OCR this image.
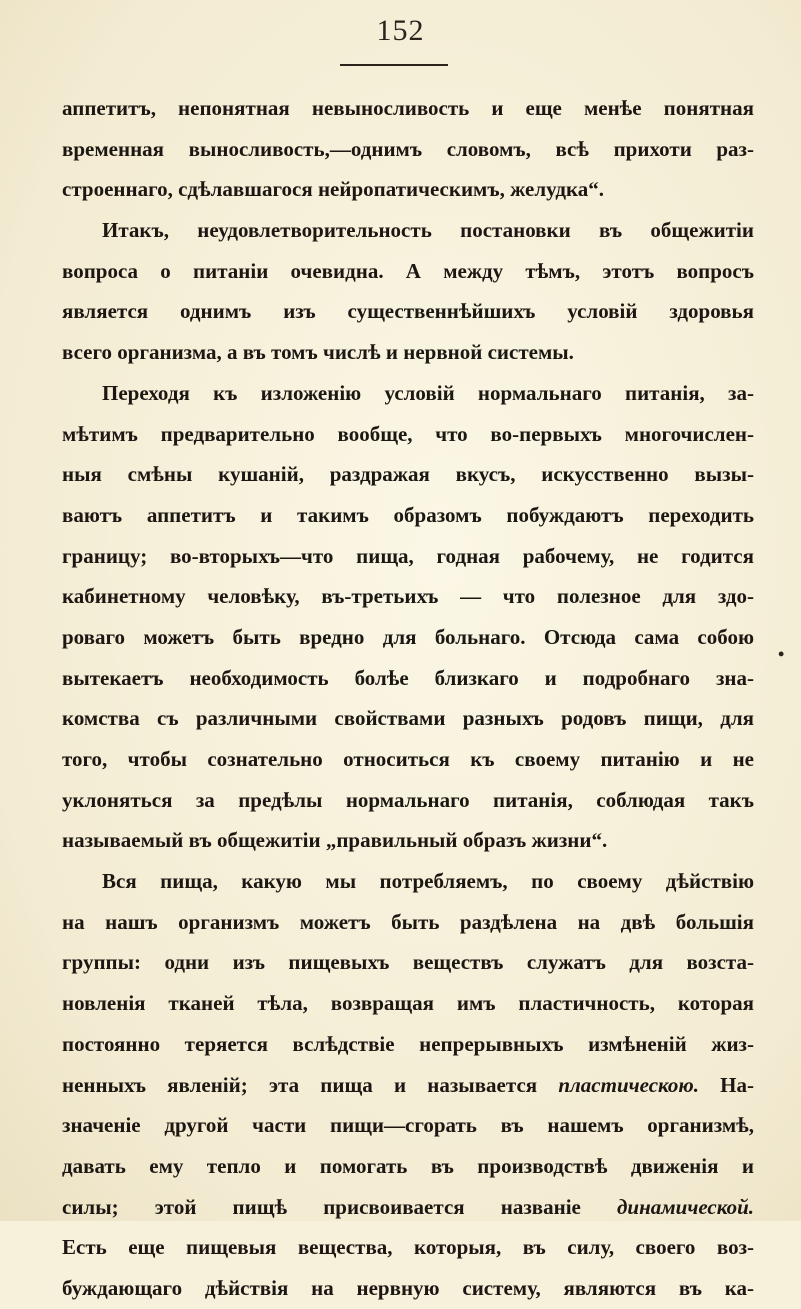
152
аппетитъ, непонятная невыносливость и еще менѣе понятная
временная выносливость,—однимъ словомъ, всѣ прихоти раз-
строеннаго, сдѣлавшагося нейропатическимъ, желудка“.
Итакъ, неудовлетворительность постановки въ общежитіи
вопроса о питаніи очевидна. А между тѣмъ, этотъ вопросъ
является однимъ изъ существеннѣйшихъ условій здоровья
всего организма, а въ томъ числѣ и нервной системы.
Переходя къ изложенію условій нормальнаго питанія, за-
мѣтимъ предварительно вообще, что во-первыхъ многочислен-
ныя смѣны кушаній, раздражая вкусъ, искусственно вызы-
ваютъ аппетитъ и такимъ образомъ побуждаютъ переходить
границу; во-вторыхъ—что пища, годная рабочему, не годится
кабинетному человѣку, въ-третьихъ — что полезное для здо-
роваго можетъ быть вредно для больнаго. Отсюда сама собою
вытекаетъ необходимость болѣе близкаго и подробнаго зна-
комства съ различными свойствами разныхъ родовъ пищи, для
того, чтобы сознательно относиться къ своему питанію и не
уклоняться за предѣлы нормальнаго питанія, соблюдая такъ
называемый въ общежитіи „правильный образъ жизни“.
Вся пища, какую мы потребляемъ, по своему дѣйствію
на нашъ организмъ можетъ быть раздѣлена на двѣ большія
группы: одни изъ пищевыхъ веществъ служатъ для возста-
новленія тканей тѣла, возвращая имъ пластичность, которая
постоянно теряется вслѣдствіе непрерывныхъ измѣненій жиз-
ненныхъ явленій; эта пища и называется пластическою. На-
значеніе другой части пищи—сгорать въ нашемъ организмѣ,
давать ему тепло и помогать въ производствѣ движенія и
силы; этой пищѣ присвоивается названіе динамической.
Есть еще пищевыя вещества, которыя, въ силу, своего воз-
буждающаго дѣйствія на нервную систему, являются въ ка-
•
